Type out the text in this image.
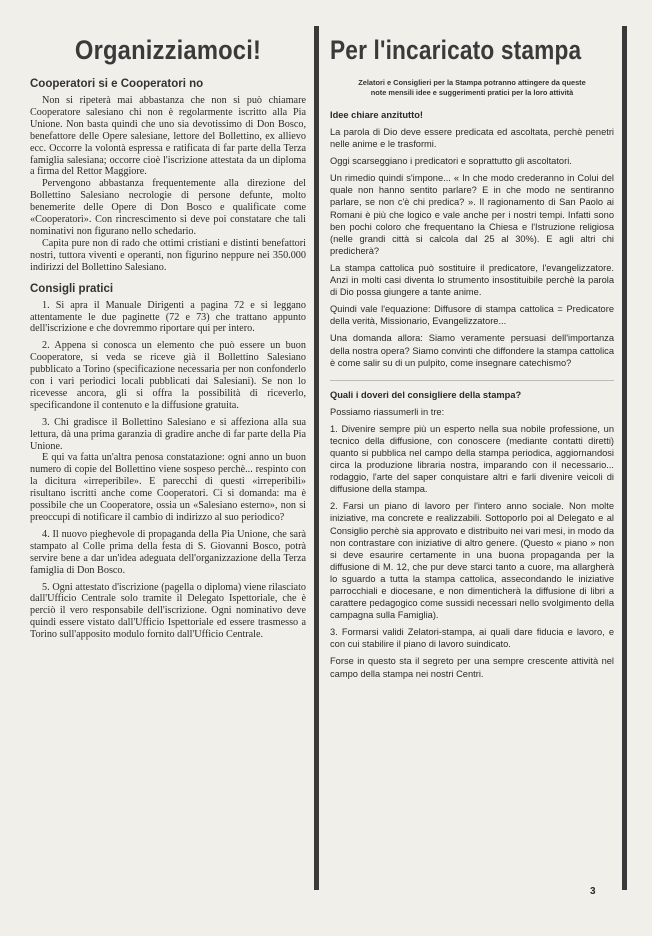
Organizziamoci!
Cooperatori si e Cooperatori no

Non si ripeterà mai abbastanza che non si può chiamare Cooperatore salesiano chi non è regolarmente iscritto alla Pia Unione. Non basta quindi che uno sia devotissimo di Don Bosco, benefattore delle Opere salesiane, lettore del Bollettino, ex allievo ecc. Occorre la volontà espressa e ratificata di far parte della Terza famiglia salesiana; occorre cioè l'iscrizione attestata da un diploma a firma del Rettor Maggiore.

Pervengono abbastanza frequentemente alla direzione del Bollettino Salesiano necrologie di persone defunte, molto benemerite delle Opere di Don Bosco e qualificate come «Cooperatori». Con rincrescimento si deve poi constatare che tali nominativi non figurano nello schedario.

Capita pure non di rado che ottimi cristiani e distinti benefattori nostri, tuttora viventi e operanti, non figurino neppure nei 350.000 indirizzi del Bollettino Salesiano.

Consigli pratici

1. Si apra il Manuale Dirigenti a pagina 72 e si leggano attentamente le due paginette (72 e 73) che trattano appunto dell'iscrizione e che dovremmo riportare qui per intero.

2. Appena si conosca un elemento che può essere un buon Cooperatore, si veda se riceve già il Bollettino Salesiano pubblicato a Torino (specificazione necessaria per non confonderlo con i vari periodici locali pubblicati dai Salesiani). Se non lo ricevesse ancora, gli si offra la possibilità di riceverlo, specificandone il contenuto e la diffusione gratuita.

3. Chi gradisce il Bollettino Salesiano e si affeziona alla sua lettura, dà una prima garanzia di gradire anche di far parte della Pia Unione.

E qui va fatta un'altra penosa constatazione: ogni anno un buon numero di copie del Bollettino viene sospeso perchè... respinto con la dicitura «irreperibile». E parecchi di questi «irreperibili» risultano iscritti anche come Cooperatori. Ci si domanda: ma è possibile che un Cooperatore, ossia un «Salesiano esterno», non si preoccupi di notificare il cambio di indirizzo al suo periodico?

4. Il nuovo pieghevole di propaganda della Pia Unione, che sarà stampato al Colle prima della festa di S. Giovanni Bosco, potrà servire bene a dar un'idea adeguata dell'organizzazione della Terza famiglia di Don Bosco.

5. Ogni attestato d'iscrizione (pagella o diploma) viene rilasciato dall'Ufficio Centrale solo tramite il Delegato Ispettoriale, che è perciò il vero responsabile dell'iscrizione. Ogni nominativo deve quindi essere vistato dall'Ufficio Ispettoriale ed essere trasmesso a Torino sull'apposito modulo fornito dall'Ufficio Centrale.

Per l'incaricato stampa
Zelatori e Consiglieri per la Stampa potranno attingere da queste note mensili idee e suggerimenti pratici per la loro attività
Idee chiare anzitutto!

La parola di Dio deve essere predicata ed ascoltata, perchè penetri nelle anime e le trasformi.

Oggi scarseggiano i predicatori e soprattutto gli ascoltatori.

Un rimedio quindi s'impone... « In che modo crederanno in Colui del quale non hanno sentito parlare? E in che modo ne sentiranno parlare, se non c'è chi predica? ». Il ragionamento di San Paolo ai Romani è più che logico e vale anche per i nostri tempi. Infatti sono ben pochi coloro che frequentano la Chiesa e l'Istruzione religiosa (nelle grandi città si calcola dal 25 al 30%). E agli altri chi predicherà?

La stampa cattolica può sostituire il predicatore, l'evangelizzatore. Anzi in molti casi diventa lo strumento insostituibile perchè la parola di Dio possa giungere a tante anime.

Quindi vale l'equazione: Diffusore di stampa cattolica = Predicatore della verità, Missionario, Evangelizzatore...

Una domanda allora: Siamo veramente persuasi dell'importanza della nostra opera? Siamo convinti che diffondere la stampa cattolica è come salir su di un pulpito, come insegnare catechismo?

Quali i doveri del consigliere della stampa?

Possiamo riassumerli in tre:

1. Divenire sempre più un esperto nella sua nobile professione, un tecnico della diffusione, con conoscere (mediante contatti diretti) quanto si pubblica nel campo della stampa periodica, aggiornandosi circa la produzione libraria nostra, imparando con il necessario... rodaggio, l'arte del saper conquistare altri e farli divenire veicoli di diffusione della stampa.

2. Farsi un piano di lavoro per l'intero anno sociale. Non molte iniziative, ma concrete e realizzabili. Sottoporlo poi al Delegato e al Consiglio perchè sia approvato e distribuito nei vari mesi, in modo da non contrastare con iniziative di altro genere. (Questo « piano » non si deve esaurire certamente in una buona propaganda per la diffusione di M. 12, che pur deve starci tanto a cuore, ma allargherà lo sguardo a tutta la stampa cattolica, assecondando le iniziative parrocchiali e diocesane, e non dimenticherà la diffusione di libri a carattere pedagogico come sussidi necessari nello svolgimento della campagna sulla Famiglia).

3. Formarsi validi Zelatori-stampa, ai quali dare fiducia e lavoro, e con cui stabilire il piano di lavoro suindicato.

Forse in questo sta il segreto per una sempre crescente attività nel campo della stampa nei nostri Centri.

3
